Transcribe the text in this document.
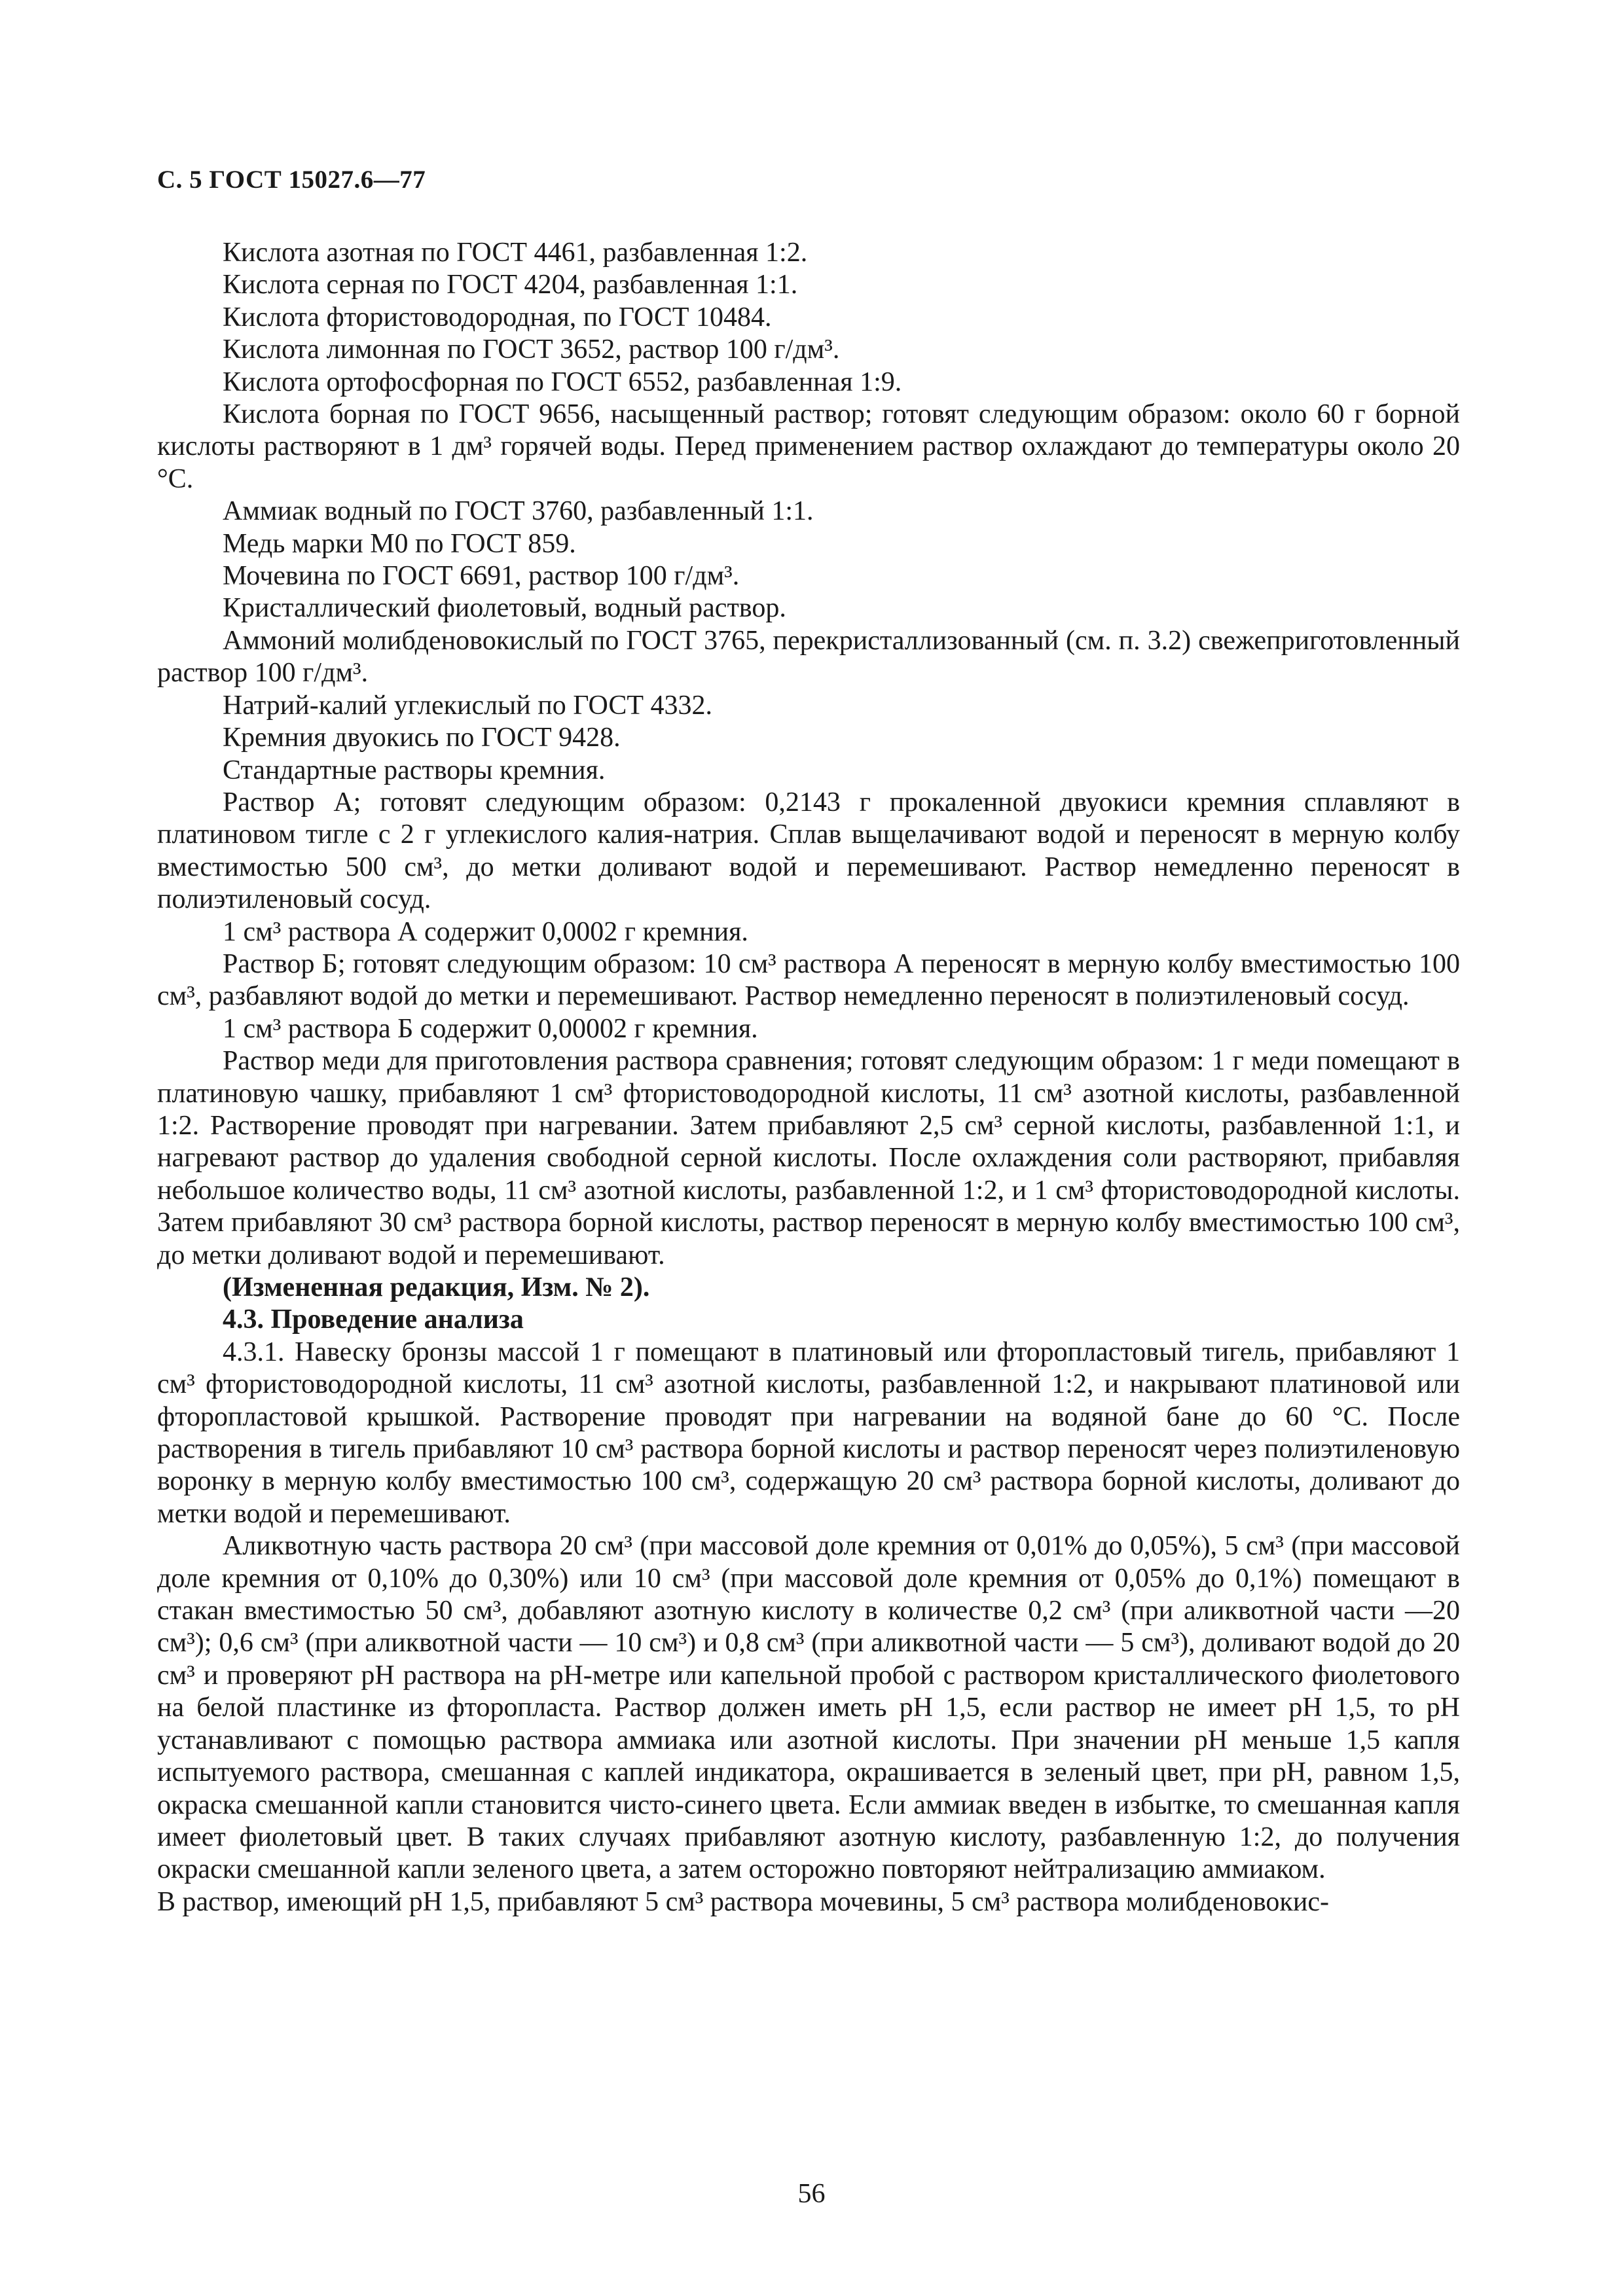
С. 5 ГОСТ 15027.6—77

Кислота азотная по ГОСТ 4461, разбавленная 1:2.

Кислота серная по ГОСТ 4204, разбавленная 1:1.

Кислота фтористоводородная, по ГОСТ 10484.

Кислота лимонная по ГОСТ 3652, раствор 100 г/дм³.

Кислота ортофосфорная по ГОСТ 6552, разбавленная 1:9.

Кислота борная по ГОСТ 9656, насыщенный раствор; готовят следующим образом: около 60 г борной кислоты растворяют в 1 дм³ горячей воды. Перед применением раствор охлаждают до температуры около 20 °C.

Аммиак водный по ГОСТ 3760, разбавленный 1:1.

Медь марки М0 по ГОСТ 859.

Мочевина по ГОСТ 6691, раствор 100 г/дм³.

Кристаллический фиолетовый, водный раствор.

Аммоний молибденовокислый по ГОСТ 3765, перекристаллизованный (см. п. 3.2) свежеприготовленный раствор 100 г/дм³.

Натрий-калий углекислый по ГОСТ 4332.

Кремния двуокись по ГОСТ 9428.

Стандартные растворы кремния.

Раствор А; готовят следующим образом: 0,2143 г прокаленной двуокиси кремния сплавляют в платиновом тигле с 2 г углекислого калия-натрия. Сплав выщелачивают водой и переносят в мерную колбу вместимостью 500 см³, до метки доливают водой и перемешивают. Раствор немедленно переносят в полиэтиленовый сосуд.

1 см³ раствора А содержит 0,0002 г кремния.

Раствор Б; готовят следующим образом: 10 см³ раствора А переносят в мерную колбу вместимостью 100 см³, разбавляют водой до метки и перемешивают. Раствор немедленно переносят в полиэтиленовый сосуд.

1 см³ раствора Б содержит 0,00002 г кремния.

Раствор меди для приготовления раствора сравнения; готовят следующим образом: 1 г меди помещают в платиновую чашку, прибавляют 1 см³ фтористоводородной кислоты, 11 см³ азотной кислоты, разбавленной 1:2. Растворение проводят при нагревании. Затем прибавляют 2,5 см³ серной кислоты, разбавленной 1:1, и нагревают раствор до удаления свободной серной кислоты. После охлаждения соли растворяют, прибавляя небольшое количество воды, 11 см³ азотной кислоты, разбавленной 1:2, и 1 см³ фтористоводородной кислоты. Затем прибавляют 30 см³ раствора борной кислоты, раствор переносят в мерную колбу вместимостью 100 см³, до метки доливают водой и перемешивают.

(Измененная редакция, Изм. № 2).

4.3. Проведение анализа

4.3.1. Навеску бронзы массой 1 г помещают в платиновый или фторопластовый тигель, прибавляют 1 см³ фтористоводородной кислоты, 11 см³ азотной кислоты, разбавленной 1:2, и накрывают платиновой или фторопластовой крышкой. Растворение проводят при нагревании на водяной бане до 60 °C. После растворения в тигель прибавляют 10 см³ раствора борной кислоты и раствор переносят через полиэтиленовую воронку в мерную колбу вместимостью 100 см³, содержащую 20 см³ раствора борной кислоты, доливают до метки водой и перемешивают.

Аликвотную часть раствора 20 см³ (при массовой доле кремния от 0,01% до 0,05%), 5 см³ (при массовой доле кремния от 0,10% до 0,30%) или 10 см³ (при массовой доле кремния от 0,05% до 0,1%) помещают в стакан вместимостью 50 см³, добавляют азотную кислоту в количестве 0,2 см³ (при аликвотной части —20 см³); 0,6 см³ (при аликвотной части — 10 см³) и 0,8 см³ (при аликвотной части — 5 см³), доливают водой до 20 см³ и проверяют pH раствора на pH-метре или капельной пробой с раствором кристаллического фиолетового на белой пластинке из фторопласта. Раствор должен иметь pH 1,5, если раствор не имеет pH 1,5, то pH устанавливают с помощью раствора аммиака или азотной кислоты. При значении pH меньше 1,5 капля испытуемого раствора, смешанная с каплей индикатора, окрашивается в зеленый цвет, при pH, равном 1,5, окраска смешанной капли становится чисто-синего цвета. Если аммиак введен в избытке, то смешанная капля имеет фиолетовый цвет. В таких случаях прибавляют азотную кислоту, разбавленную 1:2, до получения окраски смешанной капли зеленого цвета, а затем осторожно повторяют нейтрализацию аммиаком.

В раствор, имеющий pH 1,5, прибавляют 5 см³ раствора мочевины, 5 см³ раствора молибденовокис-

56
